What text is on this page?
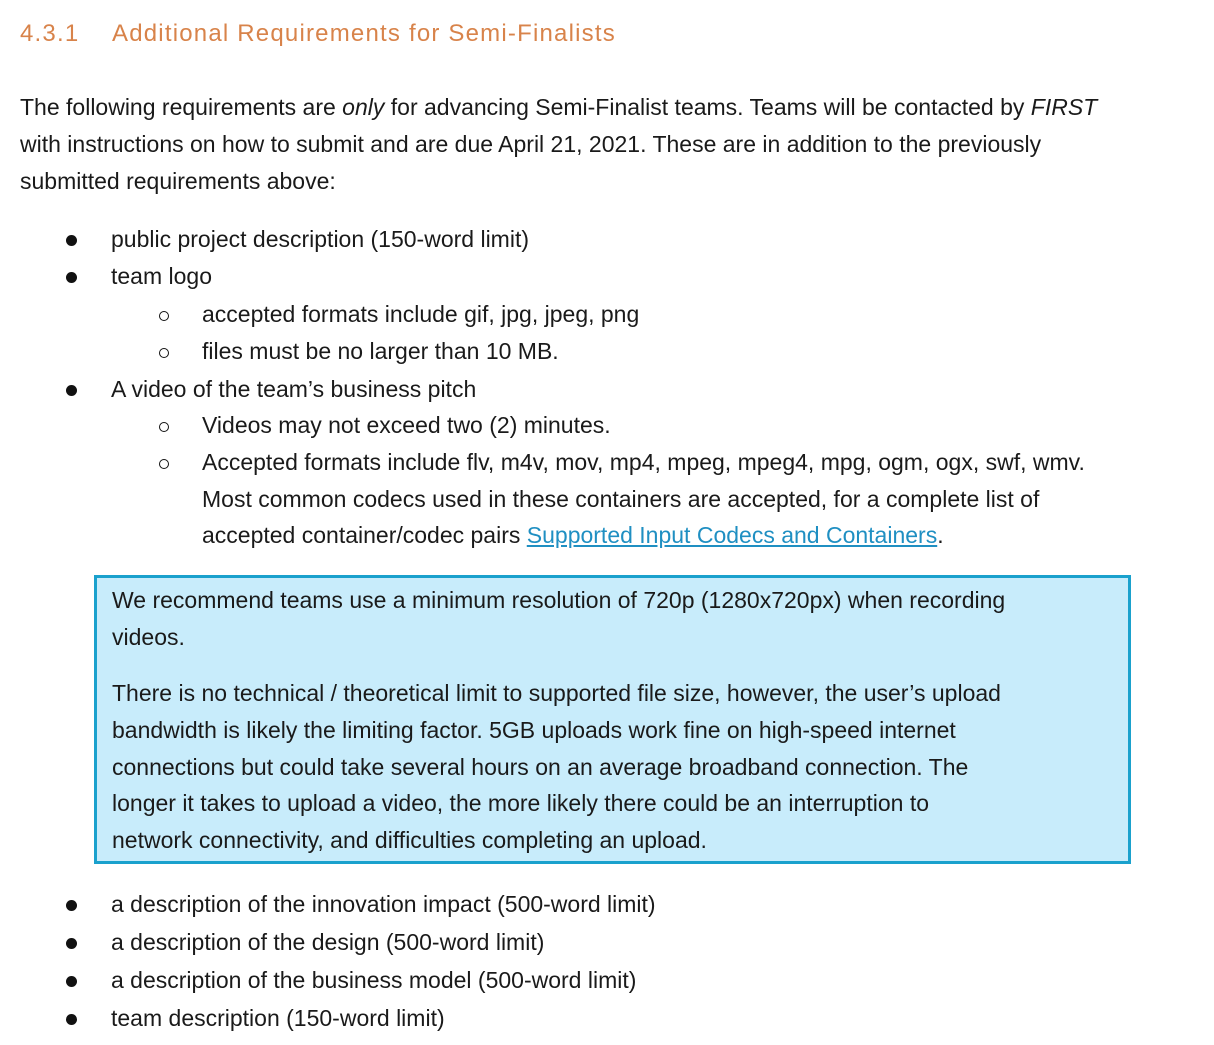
4.3.1 Additional Requirements for Semi-Finalists
The following requirements are only for advancing Semi-Finalist teams. Teams will be contacted by FIRST
with instructions on how to submit and are due April 21, 2021. These are in addition to the previously
submitted requirements above:
public project description (150-word limit)
team logo
accepted formats include gif, jpg, jpeg, png
files must be no larger than 10 MB.
A video of the team’s business pitch
Videos may not exceed two (2) minutes.
Accepted formats include flv, m4v, mov, mp4, mpeg, mpeg4, mpg, ogm, ogx, swf, wmv.
Most common codecs used in these containers are accepted, for a complete list of
accepted container/codec pairs Supported Input Codecs and Containers.
We recommend teams use a minimum resolution of 720p (1280x720px) when recording
videos.
There is no technical / theoretical limit to supported file size, however, the user’s upload
bandwidth is likely the limiting factor. 5GB uploads work fine on high-speed internet
connections but could take several hours on an average broadband connection. The
longer it takes to upload a video, the more likely there could be an interruption to
network connectivity, and difficulties completing an upload.
a description of the innovation impact (500-word limit)
a description of the design (500-word limit)
a description of the business model (500-word limit)
team description (150-word limit)
